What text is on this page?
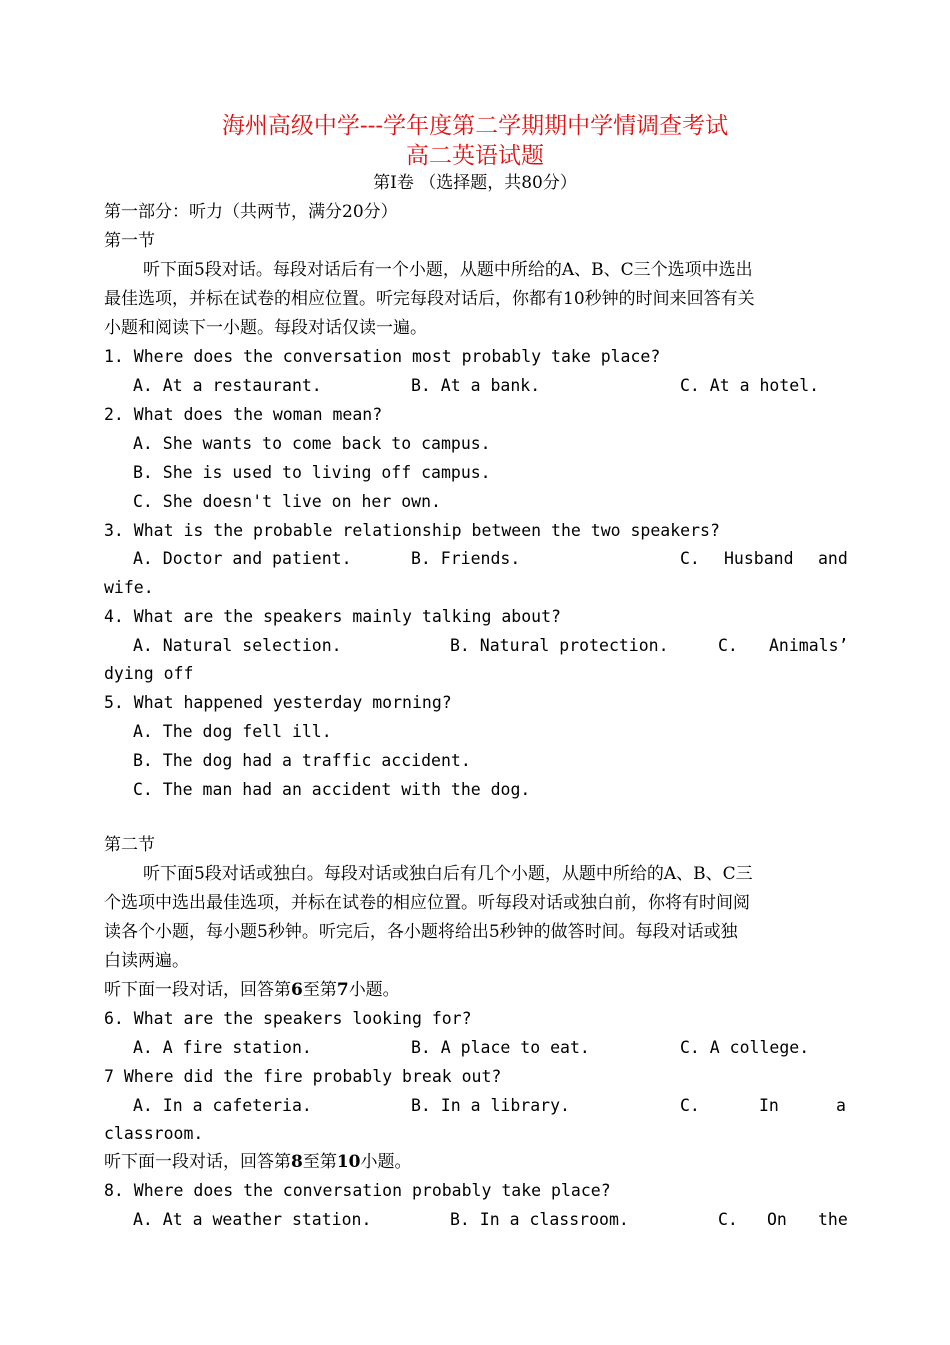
海州高级中学---学年度第二学期期中学情调查考试
高二英语试题
第Ⅰ卷 （选择题，共80分）
第一部分：听力（共两节，满分20分）
第一节
听下面5段对话。每段对话后有一个小题，从题中所给的A、B、C三个选项中选出
最佳选项，并标在试卷的相应位置。听完每段对话后，你都有10秒钟的时间来回答有关
小题和阅读下一小题。每段对话仅读一遍。
1. Where does the conversation most probably take place?
A. At a restaurant.	B. At a bank.	C. At a hotel.
2. What does the woman mean?
A. She wants to come back to campus.
B. She is used to living off campus.
C. She doesn't live on her own.
3. What is the probable relationship between the two speakers?
A. Doctor and patient.	B. Friends.	C. Husband and
wife.
4. What are the speakers mainly talking about?
A. Natural selection.	B. Natural protection.	C. Animals’
dying off
5. What happened yesterday morning?
A. The dog fell ill.
B. The dog had a traffic accident.
C. The man had an accident with the dog.
第二节
听下面5段对话或独白。每段对话或独白后有几个小题，从题中所给的A、B、C三
个选项中选出最佳选项，并标在试卷的相应位置。听每段对话或独白前，你将有时间阅
读各个小题，每小题5秒钟。听完后，各小题将给出5秒钟的做答时间。每段对话或独
白读两遍。
听下面一段对话，回答第6至第7小题。
6. What are the speakers looking for?
A. A fire station.	B. A place to eat.	C. A college.
7 Where did the fire probably break out?
A. In a cafeteria.	B. In a library.	C.	In	a
classroom.
听下面一段对话，回答第8至第10小题。
8. Where does the conversation probably take place?
A. At a weather station.	B. In a classroom.	C. On the
